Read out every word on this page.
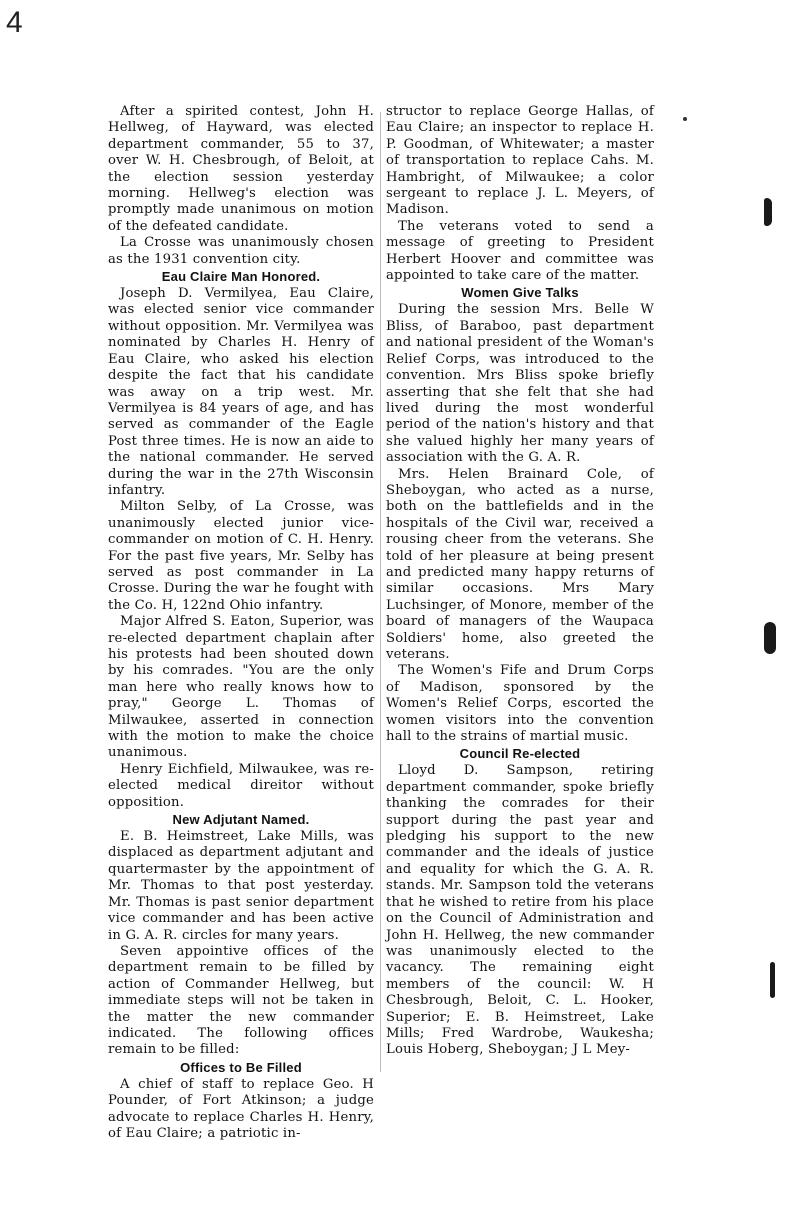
4

After a spirited contest, John H. Hellweg, of Hayward, was elected department commander, 55 to 37, over W. H. Chesbrough, of Beloit, at the election session yesterday morning. Hellweg's election was promptly made unanimous on motion of the defeated candidate.

La Crosse was unanimously chosen as the 1931 convention city.

Eau Claire Man Honored.

Joseph D. Vermilyea, Eau Claire, was elected senior vice commander without opposition. Mr. Vermilyea was nominated by Charles H. Henry of Eau Claire, who asked his election despite the fact that his candidate was away on a trip west. Mr. Vermilyea is 84 years of age, and has served as commander of the Eagle Post three times. He is now an aide to the national commander. He served during the war in the 27th Wisconsin infantry.

Milton Selby, of La Crosse, was unanimously elected junior vice-commander on motion of C. H. Henry. For the past five years, Mr. Selby has served as post commander in La Crosse. During the war he fought with the Co. H, 122nd Ohio infantry.

Major Alfred S. Eaton, Superior, was re-elected department chaplain after his protests had been shouted down by his comrades. "You are the only man here who really knows how to pray," George L. Thomas of Milwaukee, asserted in connection with the motion to make the choice unanimous.

Henry Eichfield, Milwaukee, was re-elected medical direitor without opposition.

New Adjutant Named.

E. B. Heimstreet, Lake Mills, was displaced as department adjutant and quartermaster by the appointment of Mr. Thomas to that post yesterday. Mr. Thomas is past senior department vice commander and has been active in G. A. R. circles for many years.

Seven appointive offices of the department remain to be filled by action of Commander Hellweg, but immediate steps will not be taken in the matter the new commander indicated. The following offices remain to be filled:

Offices to Be Filled

A chief of staff to replace Geo. H Pounder, of Fort Atkinson; a judge advocate to replace Charles H. Henry, of Eau Claire; a patriotic in-

structor to replace George Hallas, of Eau Claire; an inspector to replace H. P. Goodman, of Whitewater; a master of transportation to replace Cahs. M. Hambright, of Milwaukee; a color sergeant to replace J. L. Meyers, of Madison.

The veterans voted to send a message of greeting to President Herbert Hoover and committee was appointed to take care of the matter.

Women Give Talks

During the session Mrs. Belle W Bliss, of Baraboo, past department and national president of the Woman's Relief Corps, was introduced to the convention. Mrs Bliss spoke briefly asserting that she felt that she had lived during the most wonderful period of the nation's history and that she valued highly her many years of association with the G. A. R.

Mrs. Helen Brainard Cole, of Sheboygan, who acted as a nurse, both on the battlefields and in the hospitals of the Civil war, received a rousing cheer from the veterans. She told of her pleasure at being present and predicted many happy returns of similar occasions. Mrs Mary Luchsinger, of Monore, member of the board of managers of the Waupaca Soldiers' home, also greeted the veterans.

The Women's Fife and Drum Corps of Madison, sponsored by the Women's Relief Corps, escorted the women visitors into the convention hall to the strains of martial music.

Council Re-elected

Lloyd D. Sampson, retiring department commander, spoke briefly thanking the comrades for their support during the past year and pledging his support to the new commander and the ideals of justice and equality for which the G. A. R. stands. Mr. Sampson told the veterans that he wished to retire from his place on the Council of Administration and John H. Hellweg, the new commander was unanimously elected to the vacancy. The remaining eight members of the council: W. H Chesbrough, Beloit, C. L. Hooker, Superior; E. B. Heimstreet, Lake Mills; Fred Wardrobe, Waukesha; Louis Hoberg, Sheboygan; J L Mey-
